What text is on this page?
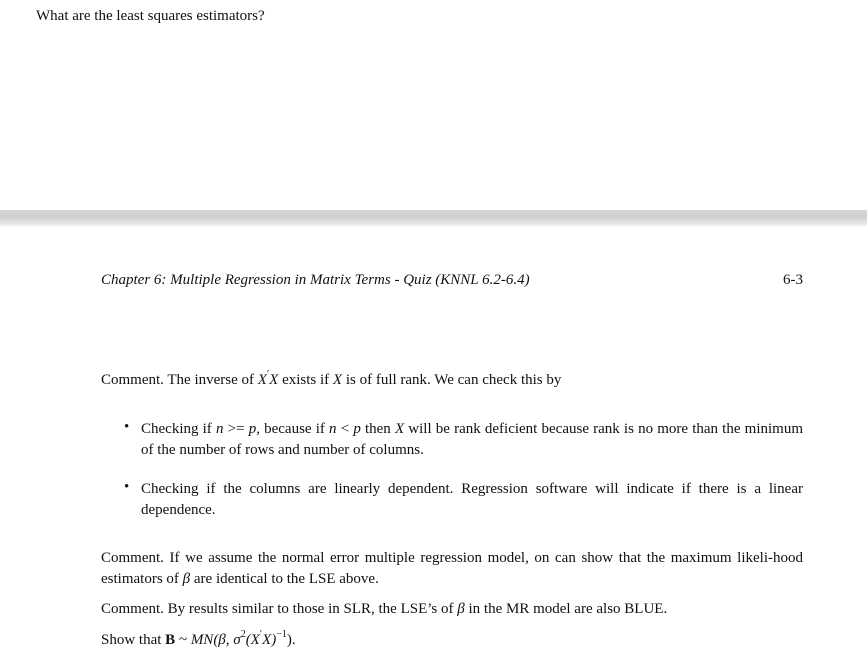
What are the least squares estimators?
Chapter 6: Multiple Regression in Matrix Terms - Quiz (KNNL 6.2-6.4)	6-3
Comment. The inverse of X′X exists if X is of full rank. We can check this by
• Checking if n >= p, because if n < p then X will be rank deficient because rank is no more than the minimum of the number of rows and number of columns.
• Checking if the columns are linearly dependent. Regression software will indicate if there is a linear dependence.
Comment. If we assume the normal error multiple regression model, on can show that the maximum likeli-hood estimators of β are identical to the LSE above.
Comment. By results similar to those in SLR, the LSE’s of β in the MR model are also BLUE.
Show that B ~ MN(β, $\sigma^2(X'X)^{-1}$).
